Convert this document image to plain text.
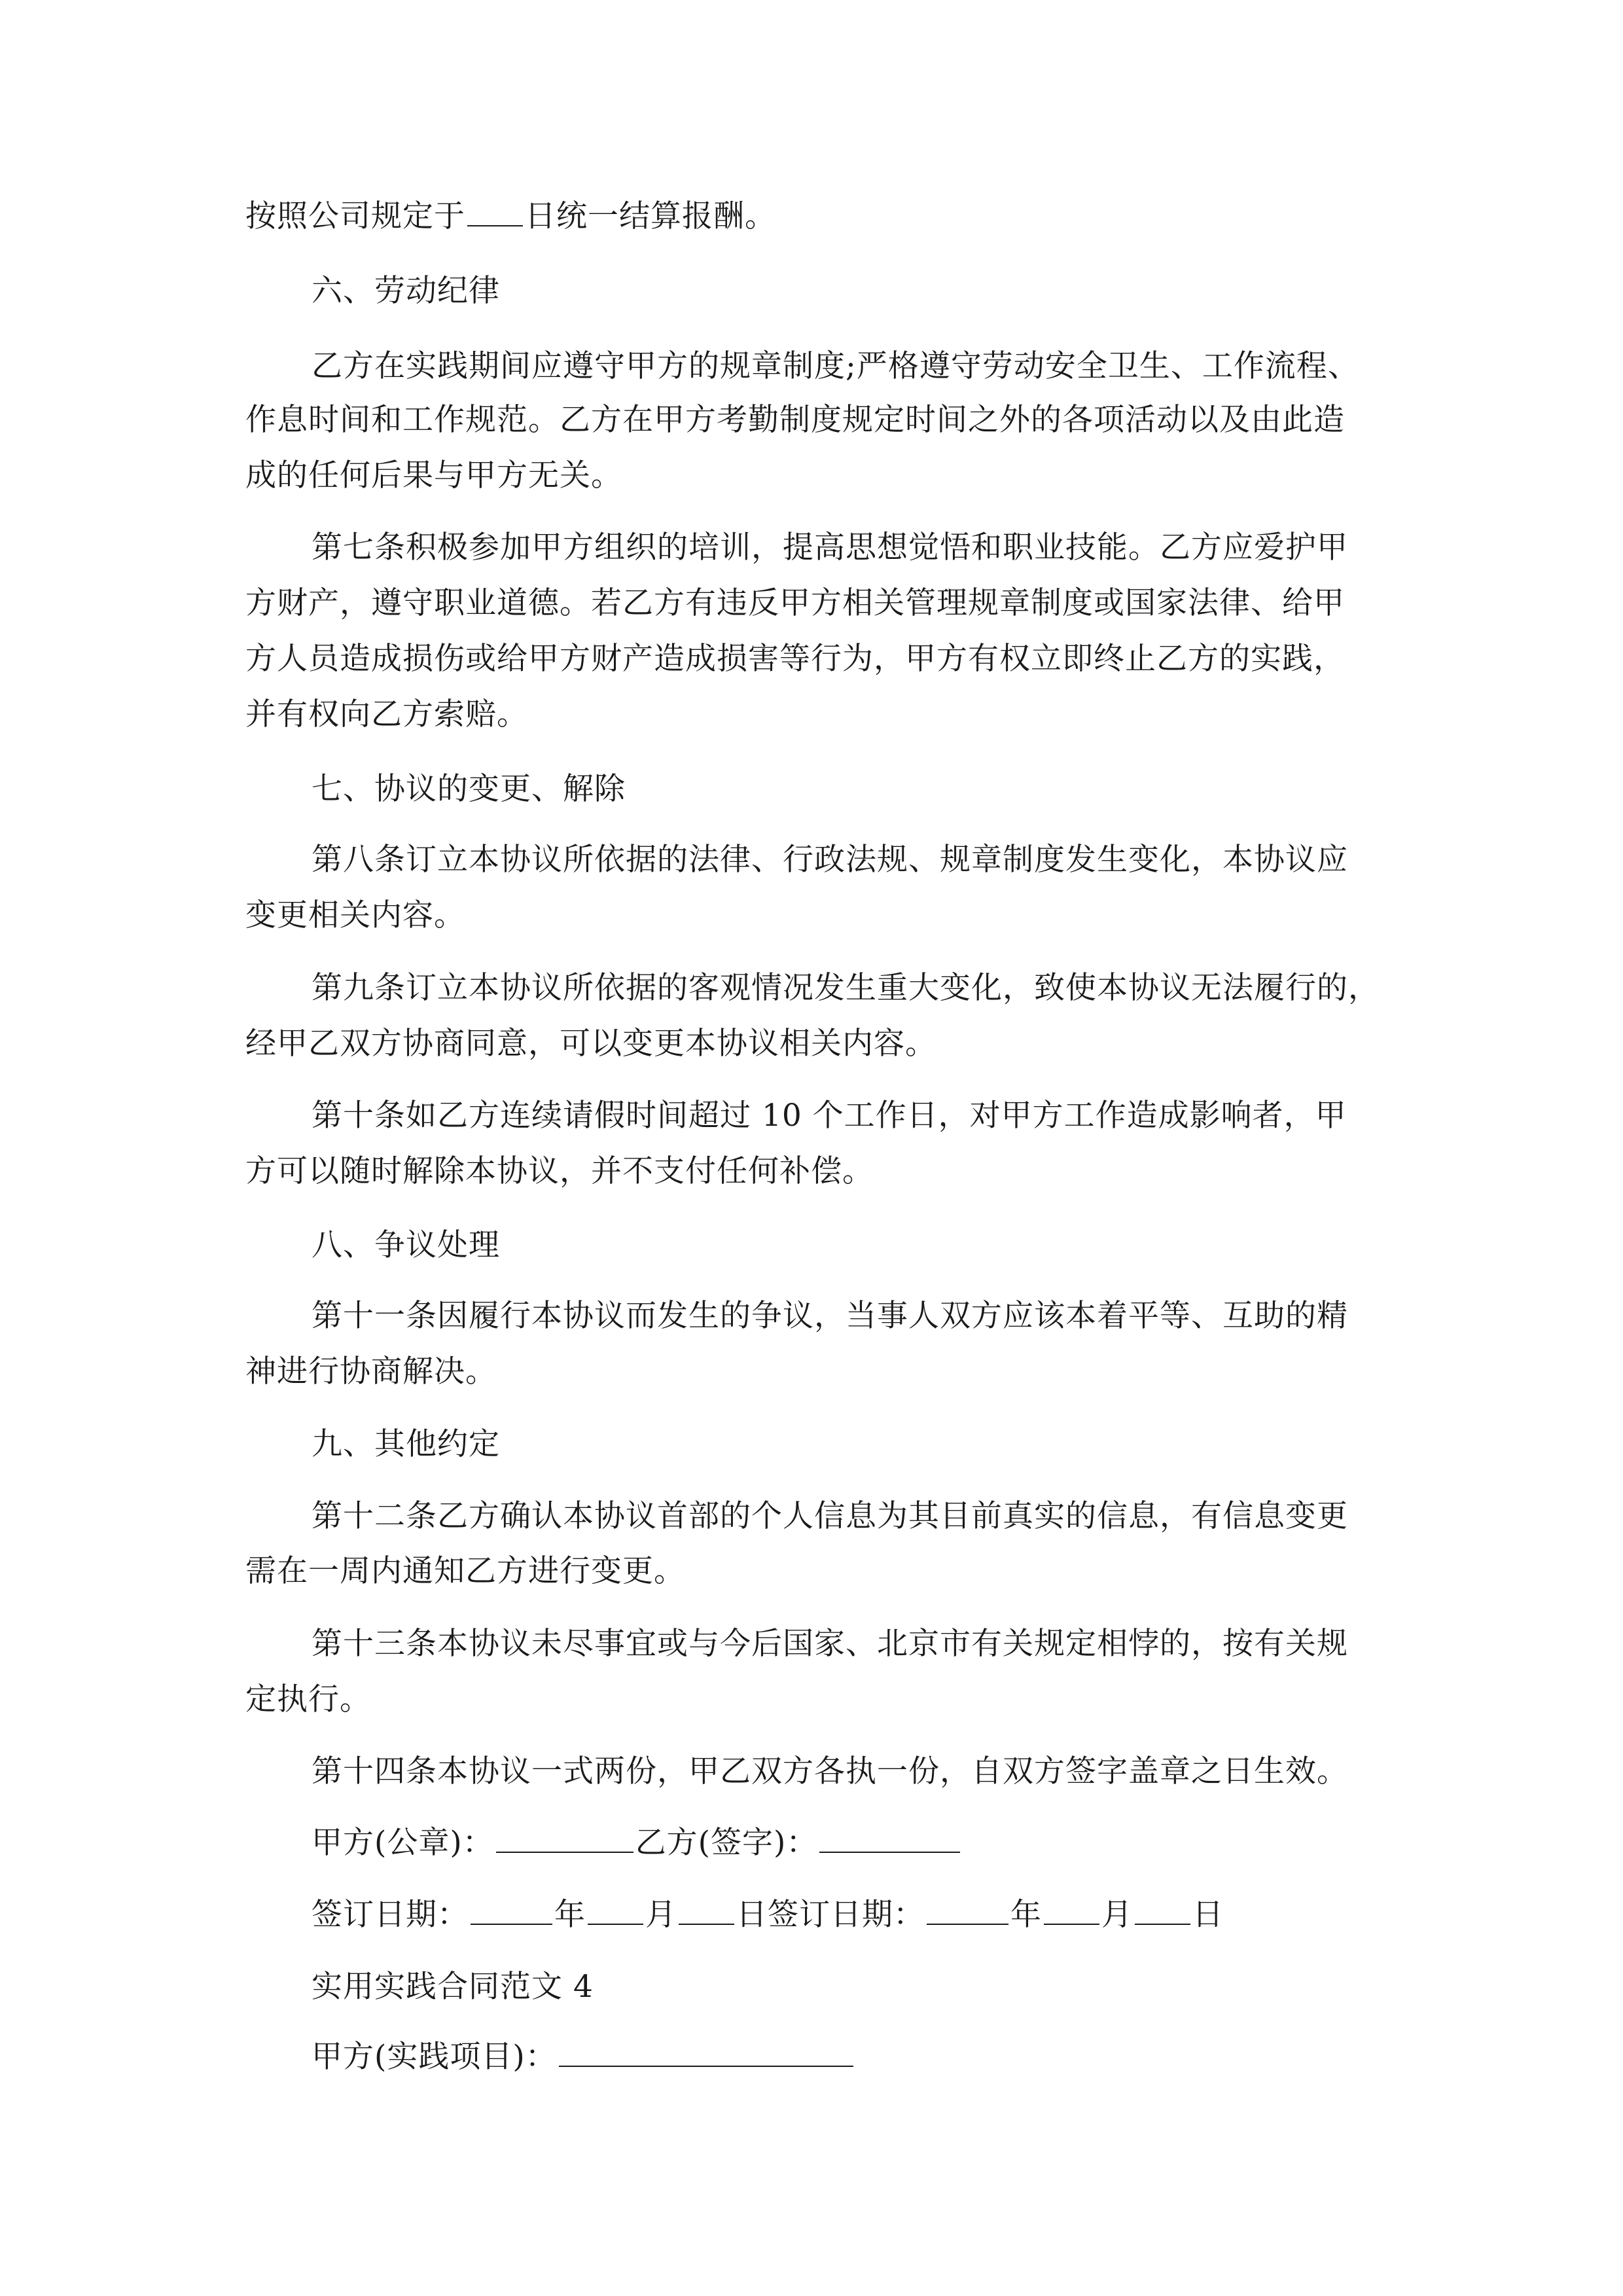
按照公司规定于 日统一结算报酬。
六、劳动纪律
乙方在实践期间应遵守甲方的规章制度;严格遵守劳动安全卫生、工作流程、
作息时间和工作规范。乙方在甲方考勤制度规定时间之外的各项活动以及由此造
成的任何后果与甲方无关。
第七条积极参加甲方组织的培训，提高思想觉悟和职业技能。乙方应爱护甲
方财产，遵守职业道德。若乙方有违反甲方相关管理规章制度或国家法律、给甲
方人员造成损伤或给甲方财产造成损害等行为，甲方有权立即终止乙方的实践，
并有权向乙方索赔。
七、协议的变更、解除
第八条订立本协议所依据的法律、行政法规、规章制度发生变化，本协议应
变更相关内容。
第九条订立本协议所依据的客观情况发生重大变化，致使本协议无法履行的，
经甲乙双方协商同意，可以变更本协议相关内容。
第十条如乙方连续请假时间超过 10 个工作日，对甲方工作造成影响者，甲
方可以随时解除本协议，并不支付任何补偿。
八、争议处理
第十一条因履行本协议而发生的争议，当事人双方应该本着平等、互助的精
神进行协商解决。
九、其他约定
第十二条乙方确认本协议首部的个人信息为其目前真实的信息，有信息变更
需在一周内通知乙方进行变更。
第十三条本协议未尽事宜或与今后国家、北京市有关规定相悖的，按有关规
定执行。
第十四条本协议一式两份，甲乙双方各执一份，自双方签字盖章之日生效。
甲方(公章)：	乙方(签字)：
签订日期：	年 月 日签订日期：	年 月 日
实用实践合同范文 4
甲方(实践项目)：
